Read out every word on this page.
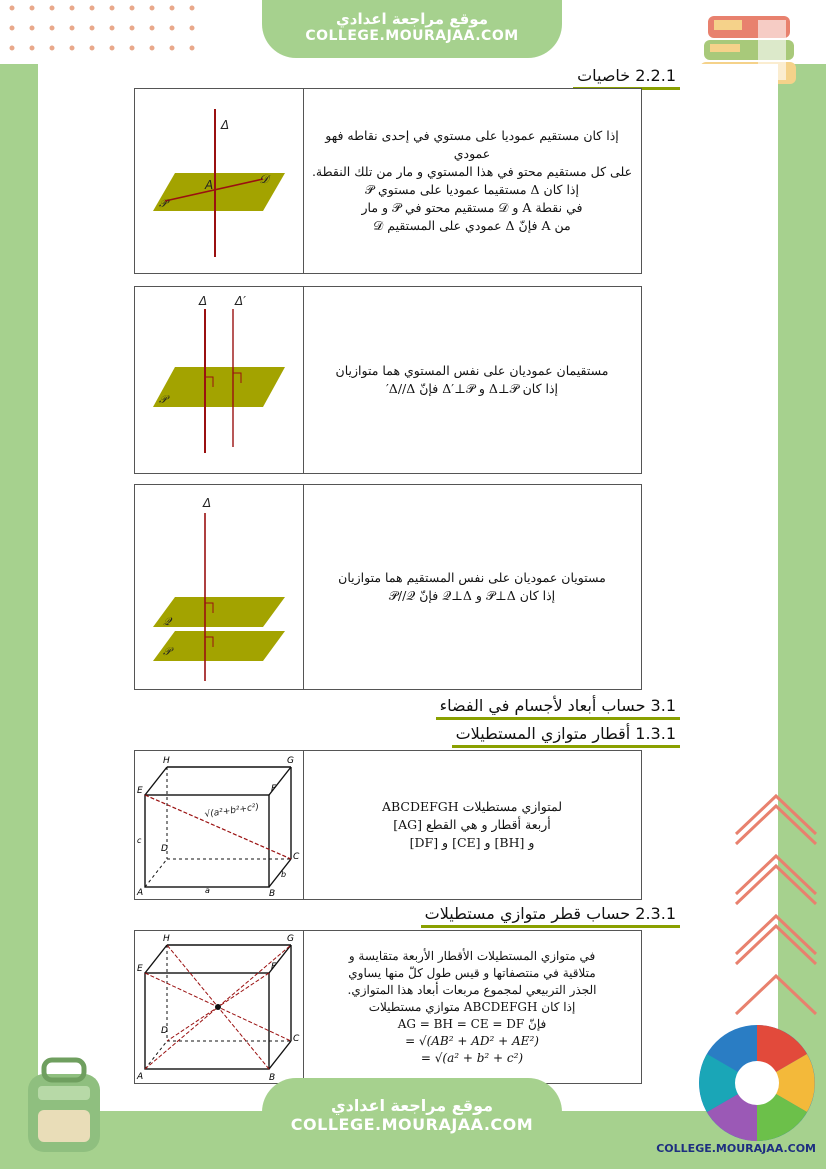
موقع مراجعة اعدادي
COLLEGE.MOURAJAA.COM
2.2.1 خاصيات
Δ
A	𝒟
𝒫
إذا كان مستقيم عموديا على مستوي في إحدى نقاطه فهو عمودي
على كل مستقيم محتو في هذا المستوي و مار من تلك النقطة.
إذا كان Δ مستقيما عموديا على مستوي 𝒫
في نقطة A و 𝒟 مستقيم محتو في 𝒫 و مار
من A فإنّ Δ عمودي على المستقيم 𝒟
Δ Δ′
𝒫
مستقيمان عموديان على نفس المستوي هما متوازيان
إذا كان Δ⊥𝒫 و Δ′⊥𝒫 فإنّ Δ//Δ′
Δ
𝒬
𝒫
مستويان عموديان على نفس المستقيم هما متوازيان
إذا كان 𝒫⊥Δ و 𝒬⊥Δ فإنّ 𝒫//𝒬
3.1 حساب أبعاد لأجسام في الفضاء
1.3.1 أقطار متوازي المستطيلات
√(a²+b²+c²)
H	G
E	F
D
C
A	B
c
a
b
لمتوازي مستطيلات ABCDEFGH
أربعة أقطار و هي القطع [AG]
و [BH] و [CE] و [DF]
2.3.1 حساب قطر متوازي مستطيلات
H	G
E	F
D
C
A	B
في متوازي المستطيلات الأقطار الأربعة متقايسة و
متلاقية في منتصفاتها و قيس طول كلّ منها يساوي
الجذر التربيعي لمجموع مربعات أبعاد هذا المتوازي.
إذا كان ABCDEFGH متوازي مستطيلات
فإنّ AG = BH = CE = DF
= √(AB² + AD² + AE²)
= √(a² + b² + c²)
موقع مراجعة اعدادي
COLLEGE.MOURAJAA.COM
COLLEGE.MOURAJAA.COM
